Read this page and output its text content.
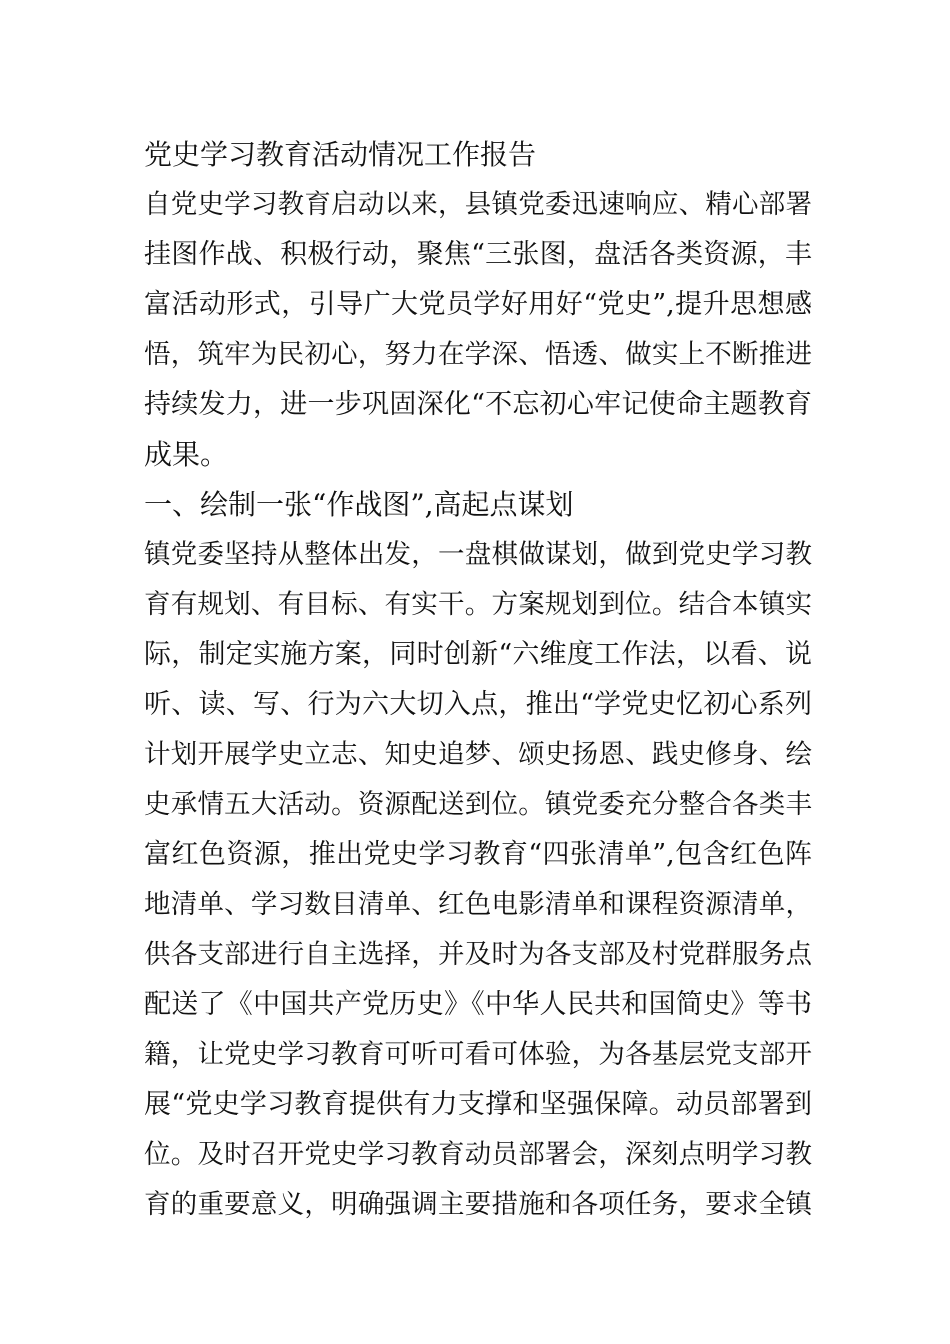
党史学习教育活动情况工作报告
自党史学习教育启动以来，县镇党委迅速响应、精心部署
挂图作战、积极行动，聚焦“三张图，盘活各类资源，丰
富活动形式，引导广大党员学好用好“党史”,提升思想感
悟，筑牢为民初心，努力在学深、悟透、做实上不断推进
持续发力，进一步巩固深化“不忘初心牢记使命主题教育
成果。
一、绘制一张“作战图”,高起点谋划
镇党委坚持从整体出发，一盘棋做谋划，做到党史学习教
育有规划、有目标、有实干。方案规划到位。结合本镇实
际，制定实施方案，同时创新“六维度工作法，以看、说
听、读、写、行为六大切入点，推出“学党史忆初心系列
计划开展学史立志、知史追梦、颂史扬恩、践史修身、绘
史承情五大活动。资源配送到位。镇党委充分整合各类丰
富红色资源，推出党史学习教育“四张清单”,包含红色阵
地清单、学习数目清单、红色电影清单和课程资源清单，
供各支部进行自主选择，并及时为各支部及村党群服务点
配送了《中国共产党历史》《中华人民共和国简史》等书
籍，让党史学习教育可听可看可体验，为各基层党支部开
展“党史学习教育提供有力支撑和坚强保障。动员部署到
位。及时召开党史学习教育动员部署会，深刻点明学习教
育的重要意义，明确强调主要措施和各项任务，要求全镇
